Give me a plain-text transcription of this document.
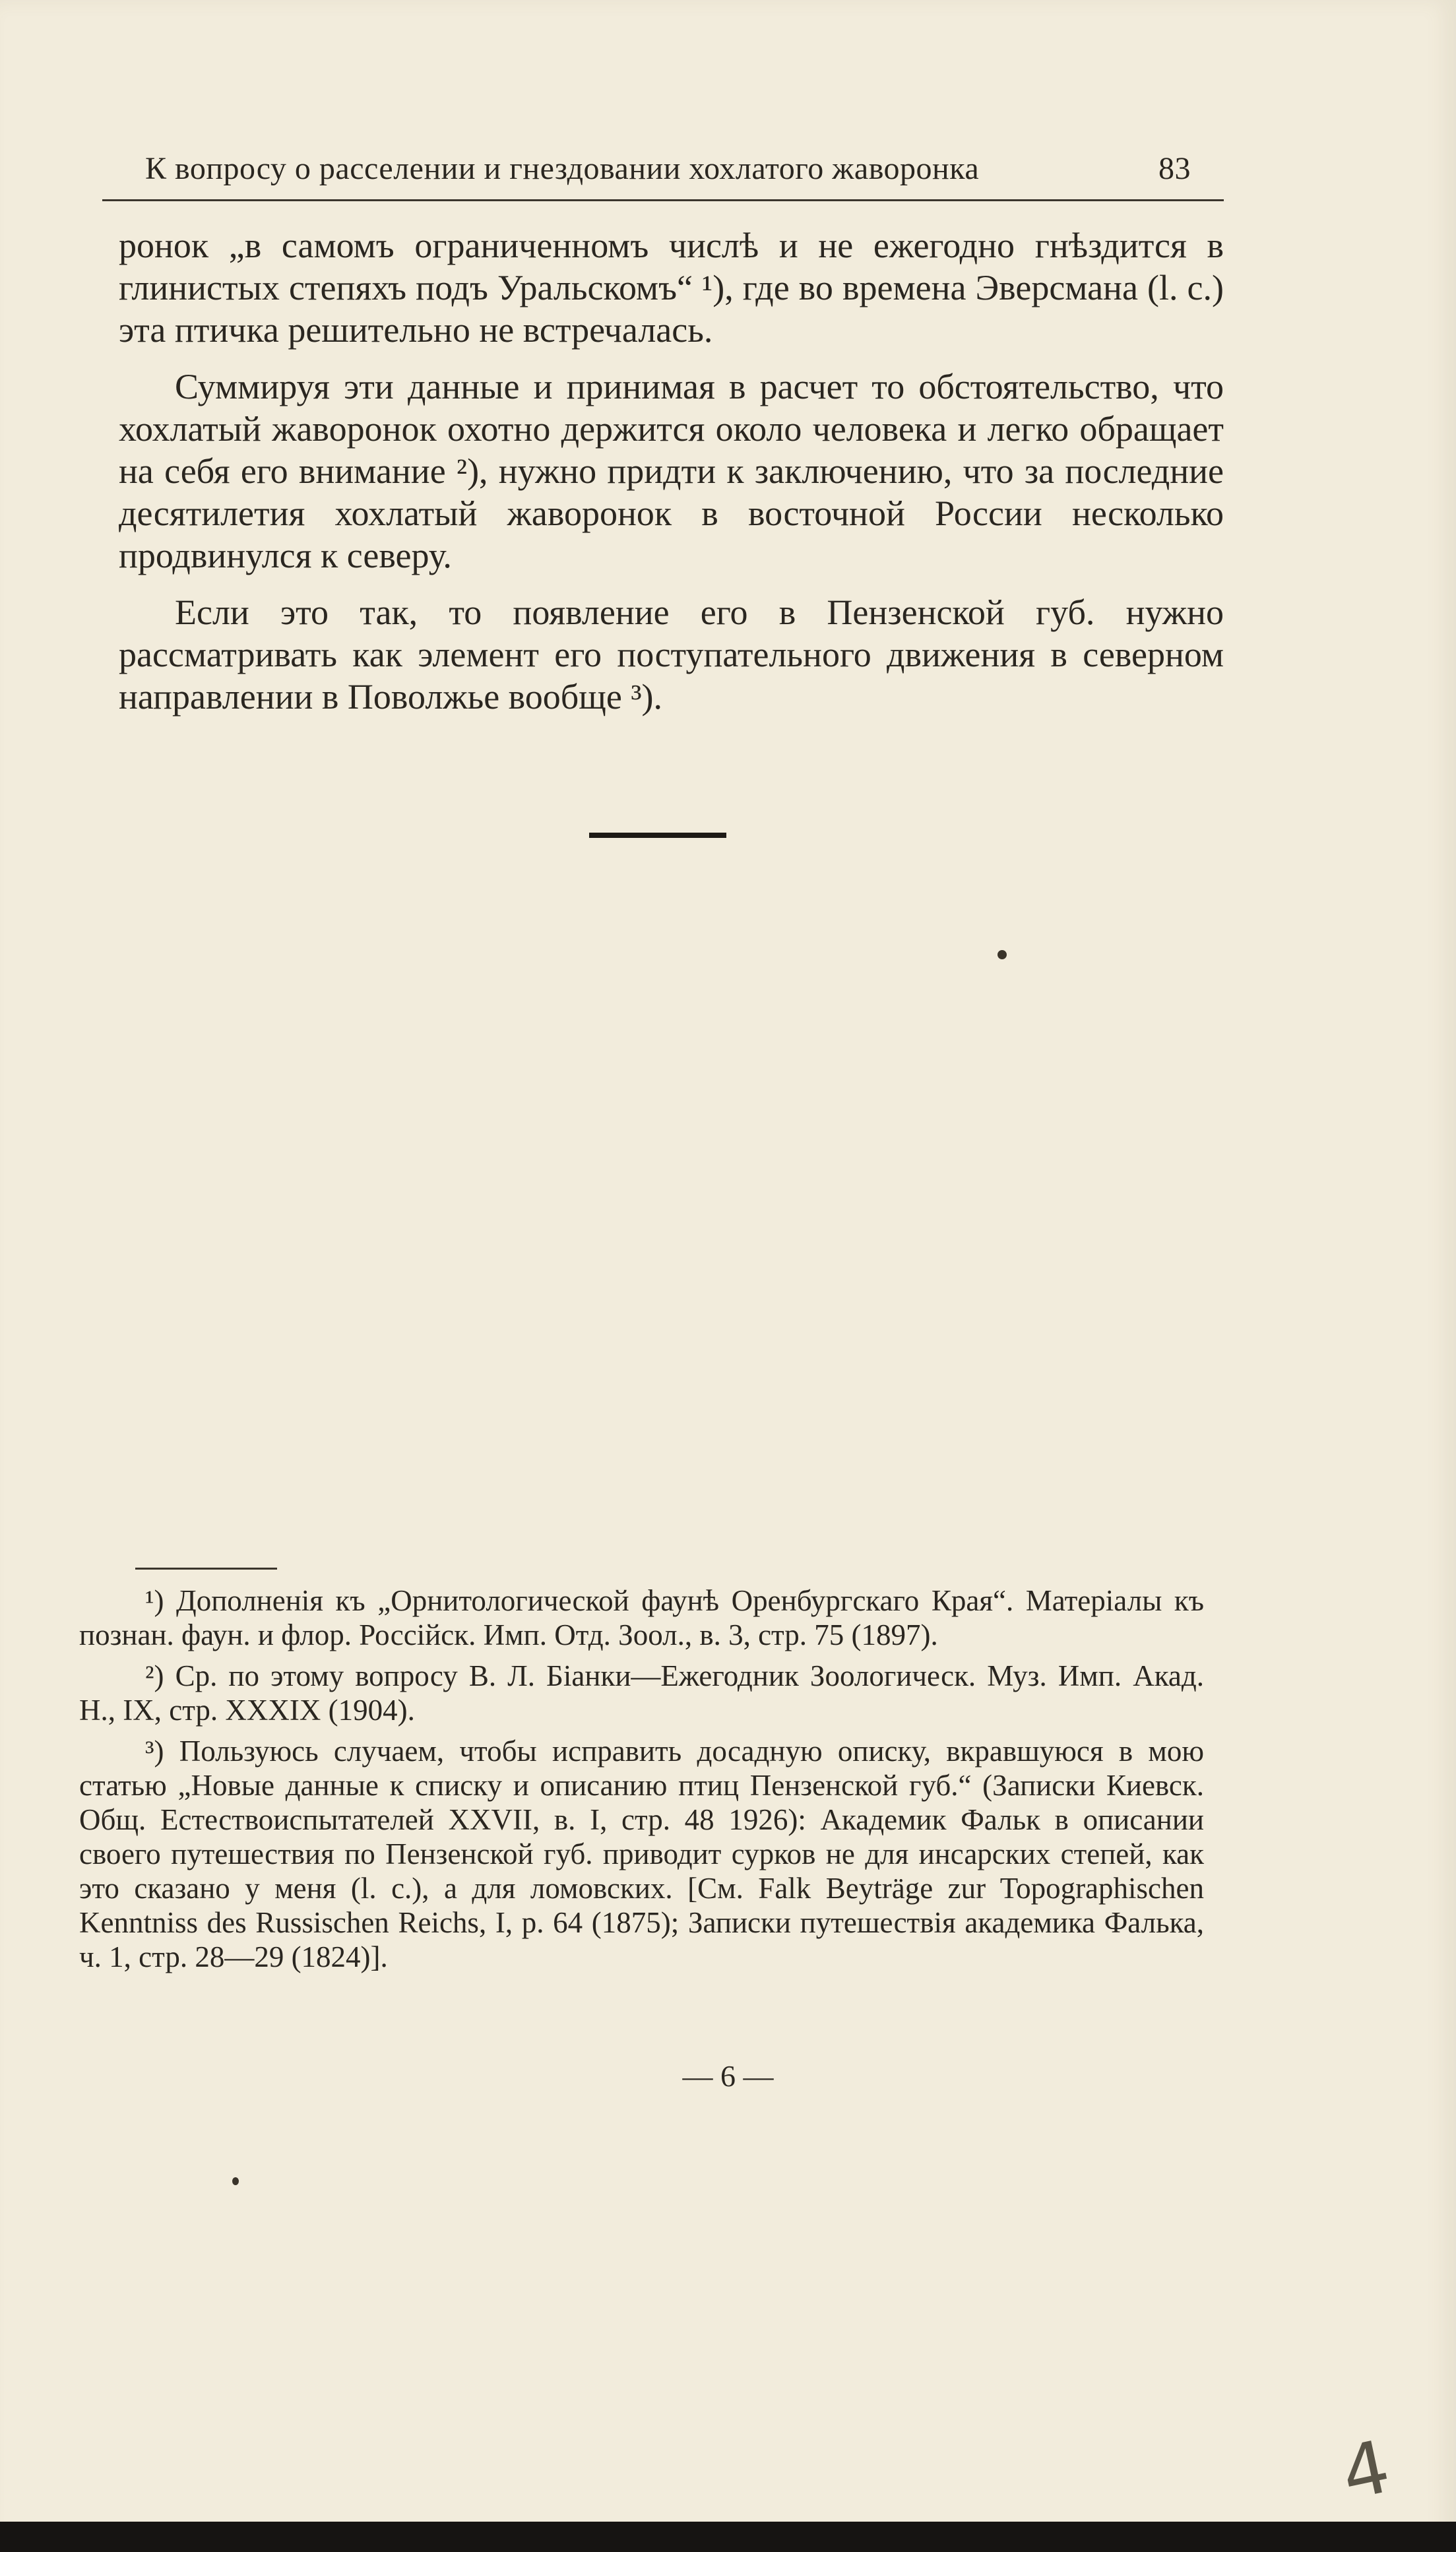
К вопросу о расселении и гнездовании хохлатого жаворонка	83

ронок „в самомъ ограниченномъ числѣ и не ежегодно гнѣздится в глинистых степяхъ подъ Уральскомъ“ ¹), где во времена Эверсмана (l. c.) эта птичка решительно не встречалась.

Суммируя эти данные и принимая в расчет то обстоятельство, что хохлатый жаворонок охотно держится около человека и легко обращает на себя его внимание ²), нужно придти к заключению, что за последние десятилетия хохлатый жаворонок в восточной России несколько продвинулся к северу.

Если это так, то появление его в Пензенской губ. нужно рассматривать как элемент его поступательного движения в северном направлении в Поволжье вообще ³).

¹) Дополненія къ „Орнитологической фаунѣ Оренбургскаго Края“. Матеріалы къ познан. фаун. и флор. Россійск. Имп. Отд. Зоол., в. 3, стр. 75 (1897).

²) Ср. по этому вопросу В. Л. Біанки—Ежегодник Зоологическ. Муз. Имп. Акад. Н., IX, стр. XXXIX (1904).

³) Пользуюсь случаем, чтобы исправить досадную описку, вкравшуюся в мою статью „Новые данные к списку и описанию птиц Пензенской губ.“ (Записки Киевск. Общ. Естествоиспытателей XXVII, в. I, стр. 48 1926): Академик Фальк в описании своего путешествия по Пензенской губ. приводит сурков не для инсарских степей, как это сказано у меня (l. c.), а для ломовских. [См. Falk Beyträge zur Topographischen Kenntniss des Russischen Reichs, I, p. 64 (1875); Записки путешествія академика Фалька, ч. 1, стр. 28—29 (1824)].

— 6 —
4
